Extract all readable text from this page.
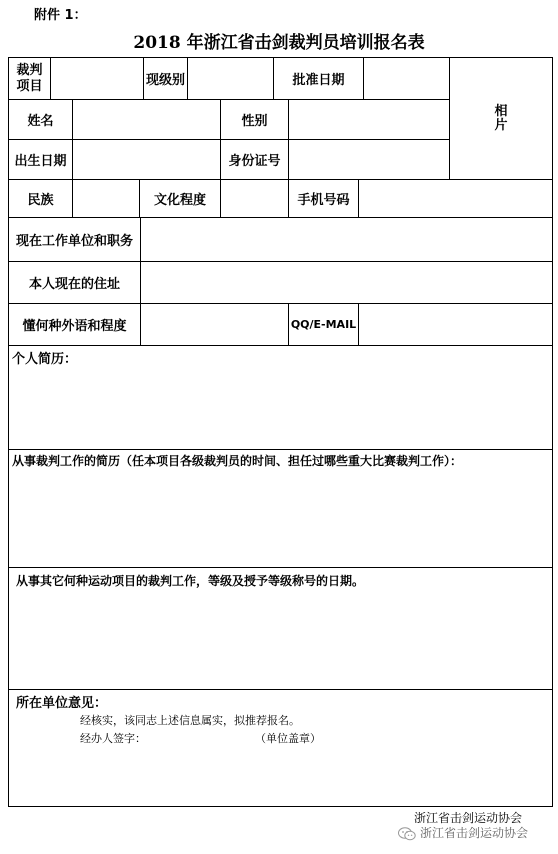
附件 1：
2018 年浙江省击剑裁判员培训报名表
裁判项目	现级别	批准日期
相片
姓名	性别
出生日期	身份证号
民族	文化程度	手机号码
现在工作单位和职务
本人现在的住址
懂何种外语和程度	QQ/E-MAIL
个人简历：
从事裁判工作的简历（任本项目各级裁判员的时间、担任过哪些重大比赛裁判工作）：
从事其它何种运动项目的裁判工作，等级及授予等级称号的日期。
所在单位意见：
经核实，该同志上述信息属实，拟推荐报名。
经办人签字：	（单位盖章）
浙江省击剑运动协会
浙江省击剑运动协会
